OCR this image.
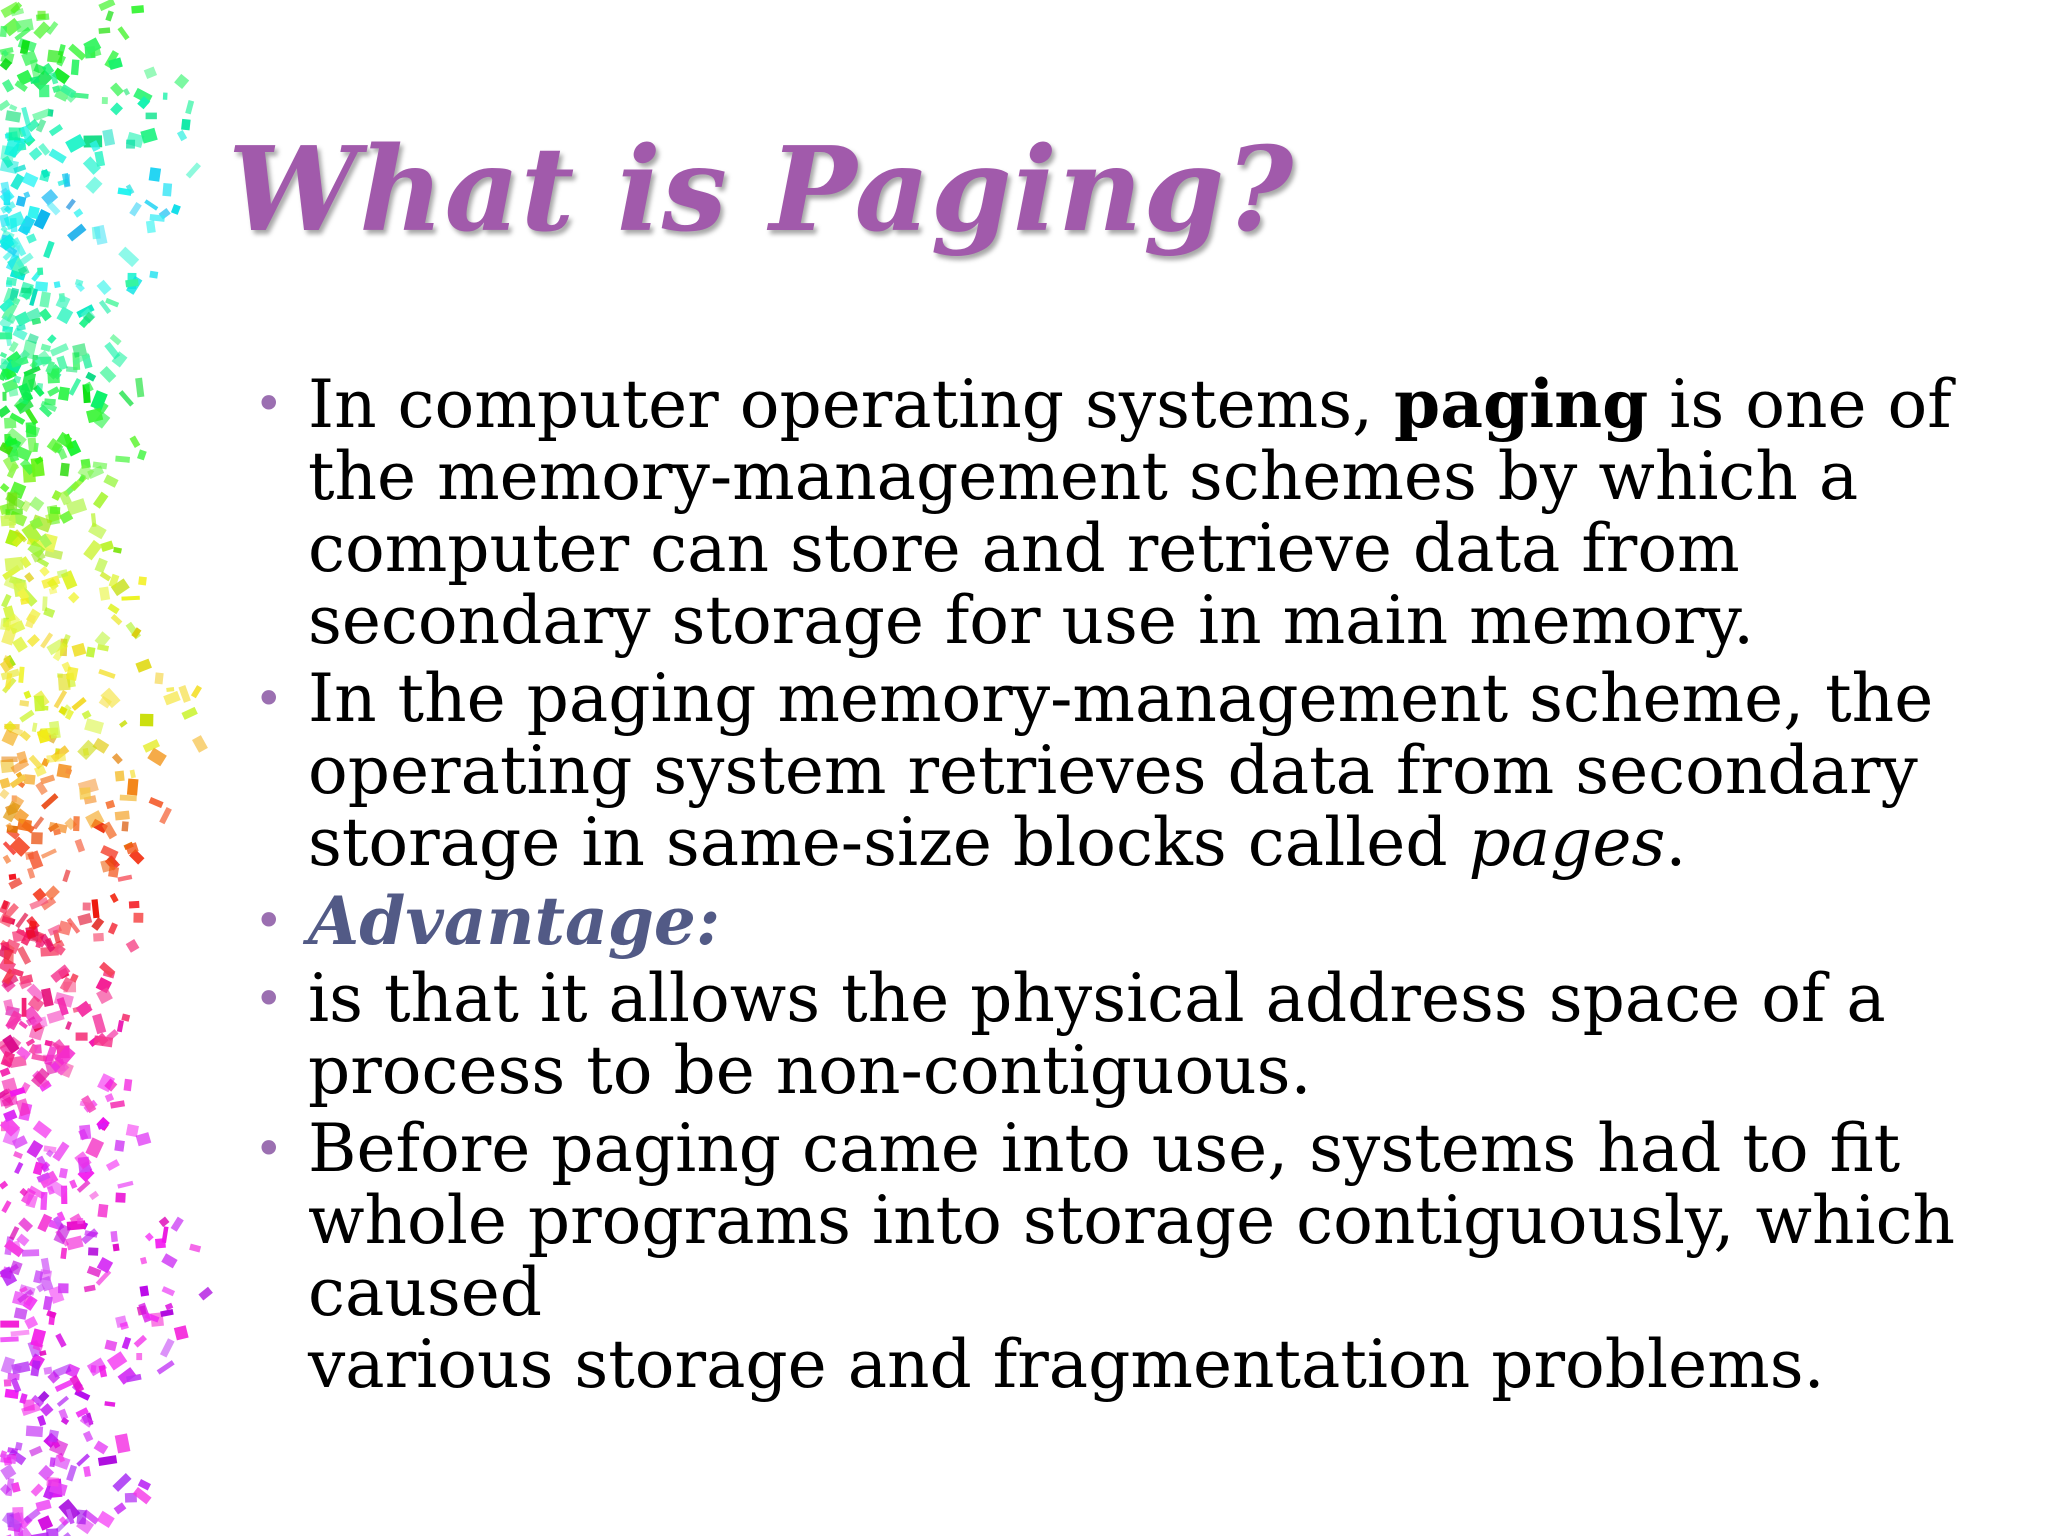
What is Paging?
• In computer operating systems, paging is one of the memory-management schemes by which a computer can store and retrieve data from secondary storage for use in main memory.
• In the paging memory-management scheme, the operating system retrieves data from secondary storage in same-size blocks called pages.
• Advantage:
• is that it allows the physical address space of a process to be non-contiguous.
• Before paging came into use, systems had to fit whole programs into storage contiguously, which caused
various storage and fragmentation problems.
